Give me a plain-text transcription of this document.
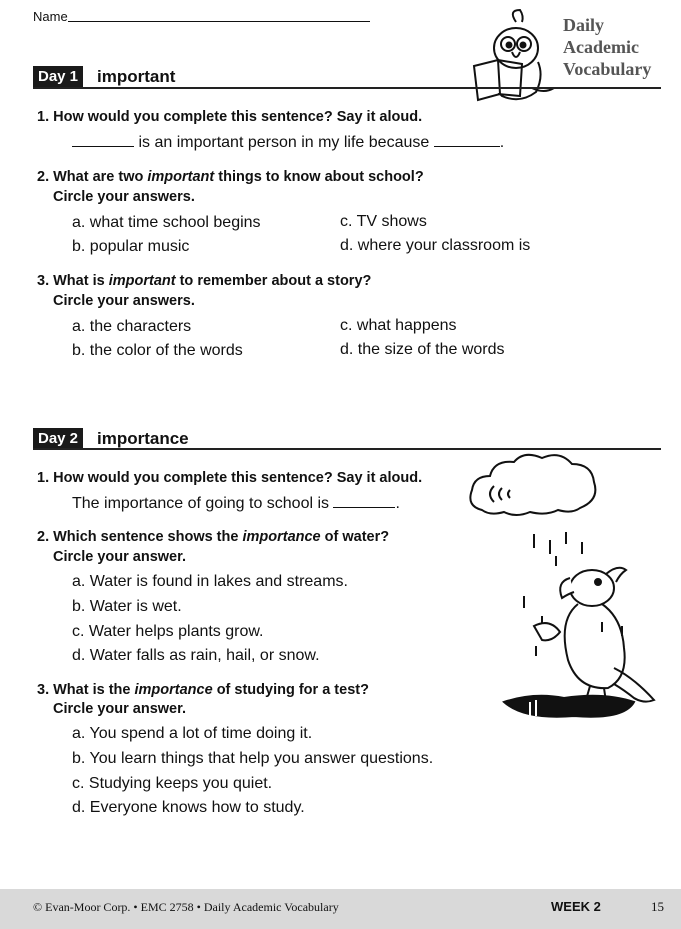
Name	Daily
Academic
Vocabulary
Day 1 important
1. How would you complete this sentence? Say it aloud.
is an important person in my life because	.
2. What are two important things to know about school?
Circle your answers.
a. what time school begins
b. popular music
c. TV shows
d. where your classroom is
3. What is important to remember about a story?
Circle your answers.
a. the characters
b. the color of the words
c. what happens
d. the size of the words
Day 2 importance
1. How would you complete this sentence? Say it aloud.
The importance of going to school is	.
2. Which sentence shows the importance of water?
Circle your answer.
a. Water is found in lakes and streams.
b. Water is wet.
c. Water helps plants grow.
d. Water falls as rain, hail, or snow.
3. What is the importance of studying for a test?
Circle your answer.
a. You spend a lot of time doing it.
b. You learn things that help you answer questions.
c. Studying keeps you quiet.
d. Everyone knows how to study.
© Evan-Moor Corp. • EMC 2758 • Daily Academic Vocabulary	WEEK 2	15
